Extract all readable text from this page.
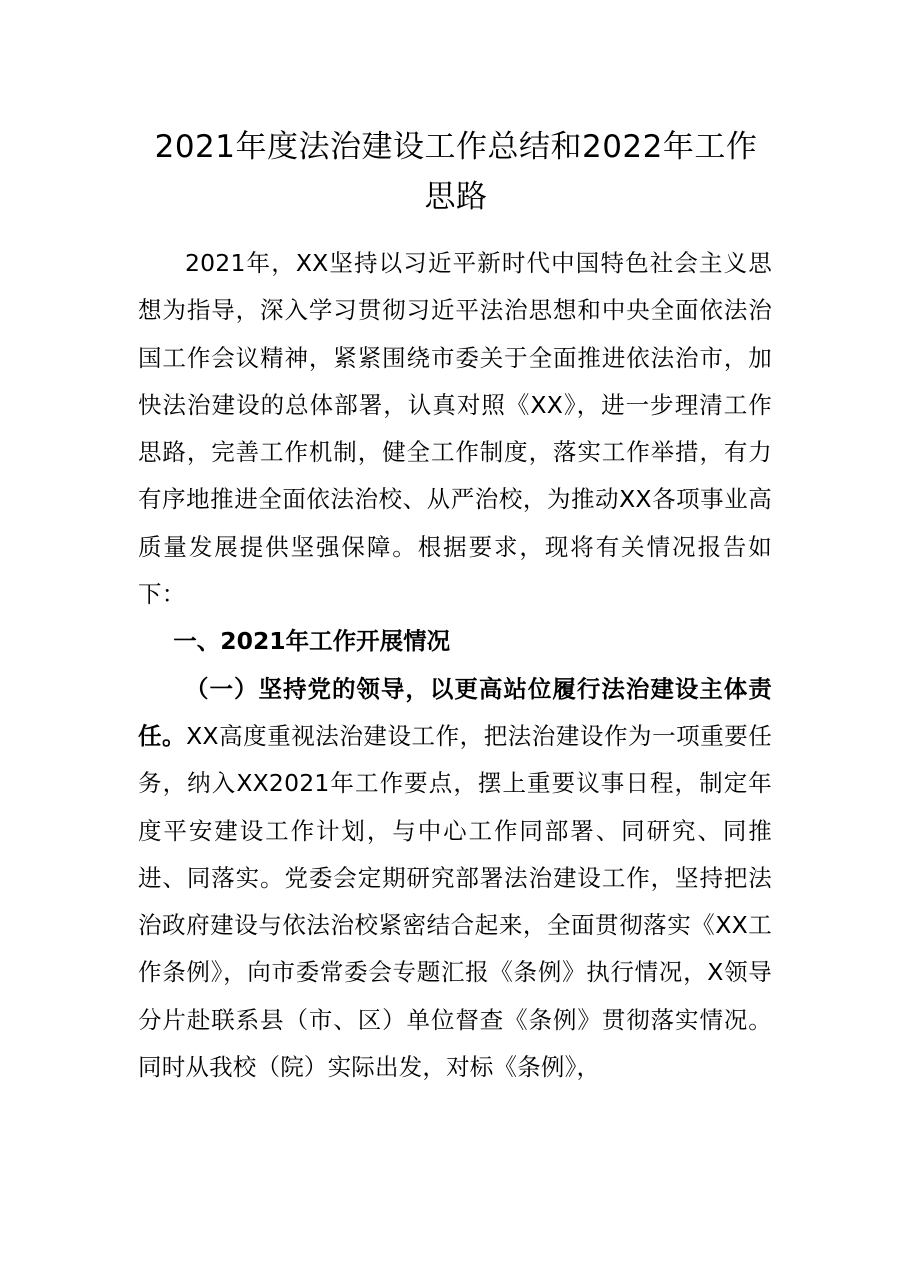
2021年度法治建设工作总结和2022年工作思路

2021年，XX坚持以习近平新时代中国特色社会主义思想为指导，深入学习贯彻习近平法治思想和中央全面依法治国工作会议精神，紧紧围绕市委关于全面推进依法治市，加快法治建设的总体部署，认真对照《XX》，进一步理清工作思路，完善工作机制，健全工作制度，落实工作举措，有力有序地推进全面依法治校、从严治校，为推动XX各项事业高质量发展提供坚强保障。根据要求，现将有关情况报告如下：

一、2021年工作开展情况

（一）坚持党的领导，以更高站位履行法治建设主体责任。XX高度重视法治建设工作，把法治建设作为一项重要任务，纳入XX2021年工作要点，摆上重要议事日程，制定年度平安建设工作计划，与中心工作同部署、同研究、同推进、同落实。党委会定期研究部署法治建设工作，坚持把法治政府建设与依法治校紧密结合起来，全面贯彻落实《XX工作条例》，向市委常委会专题汇报《条例》执行情况，X领导分片赴联系县（市、区）单位督查《条例》贯彻落实情况。同时从我校（院）实际出发，对标《条例》，
